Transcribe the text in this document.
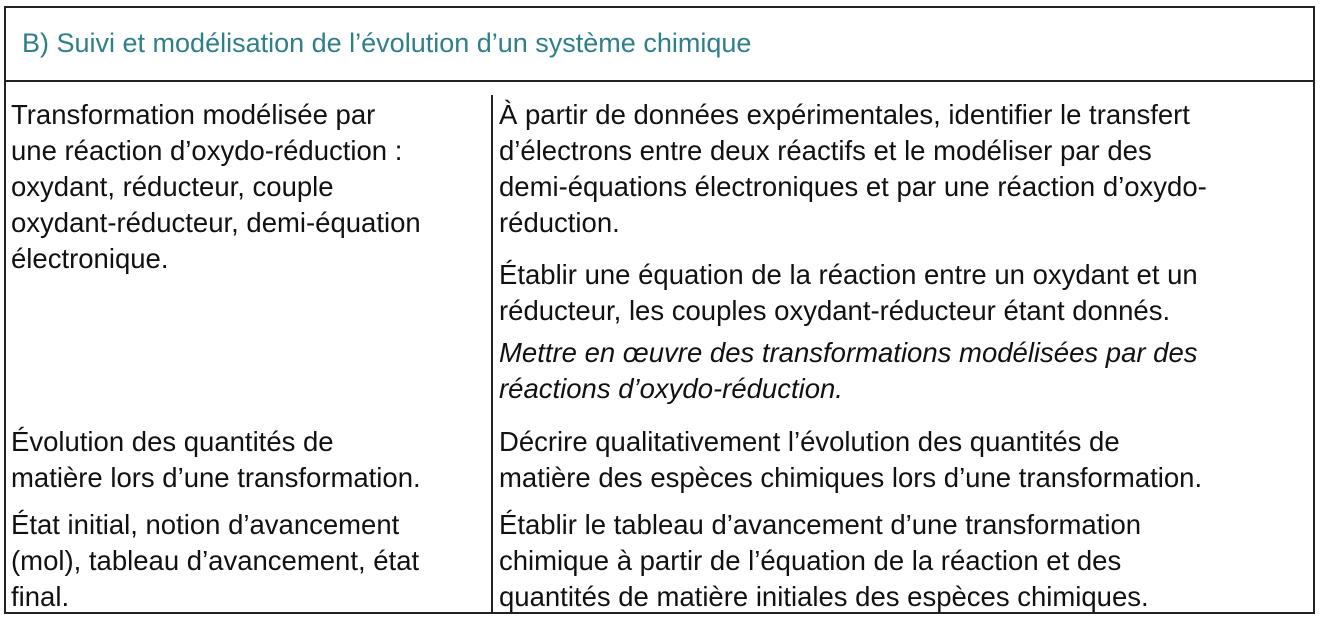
B) Suivi et modélisation de l’évolution d’un système chimique
Transformation modélisée par
une réaction d’oxydo-réduction :
oxydant, réducteur, couple
oxydant-réducteur, demi-équation
électronique.
À partir de données expérimentales, identifier le transfert
d’électrons entre deux réactifs et le modéliser par des
demi-équations électroniques et par une réaction d’oxydo-
réduction.
Établir une équation de la réaction entre un oxydant et un
réducteur, les couples oxydant-réducteur étant donnés.
Mettre en œuvre des transformations modélisées par des
réactions d’oxydo-réduction.
Évolution des quantités de
matière lors d’une transformation.
Décrire qualitativement l’évolution des quantités de
matière des espèces chimiques lors d’une transformation.
État initial, notion d’avancement
(mol), tableau d’avancement, état
final.
Établir le tableau d’avancement d’une transformation
chimique à partir de l’équation de la réaction et des
quantités de matière initiales des espèces chimiques.
